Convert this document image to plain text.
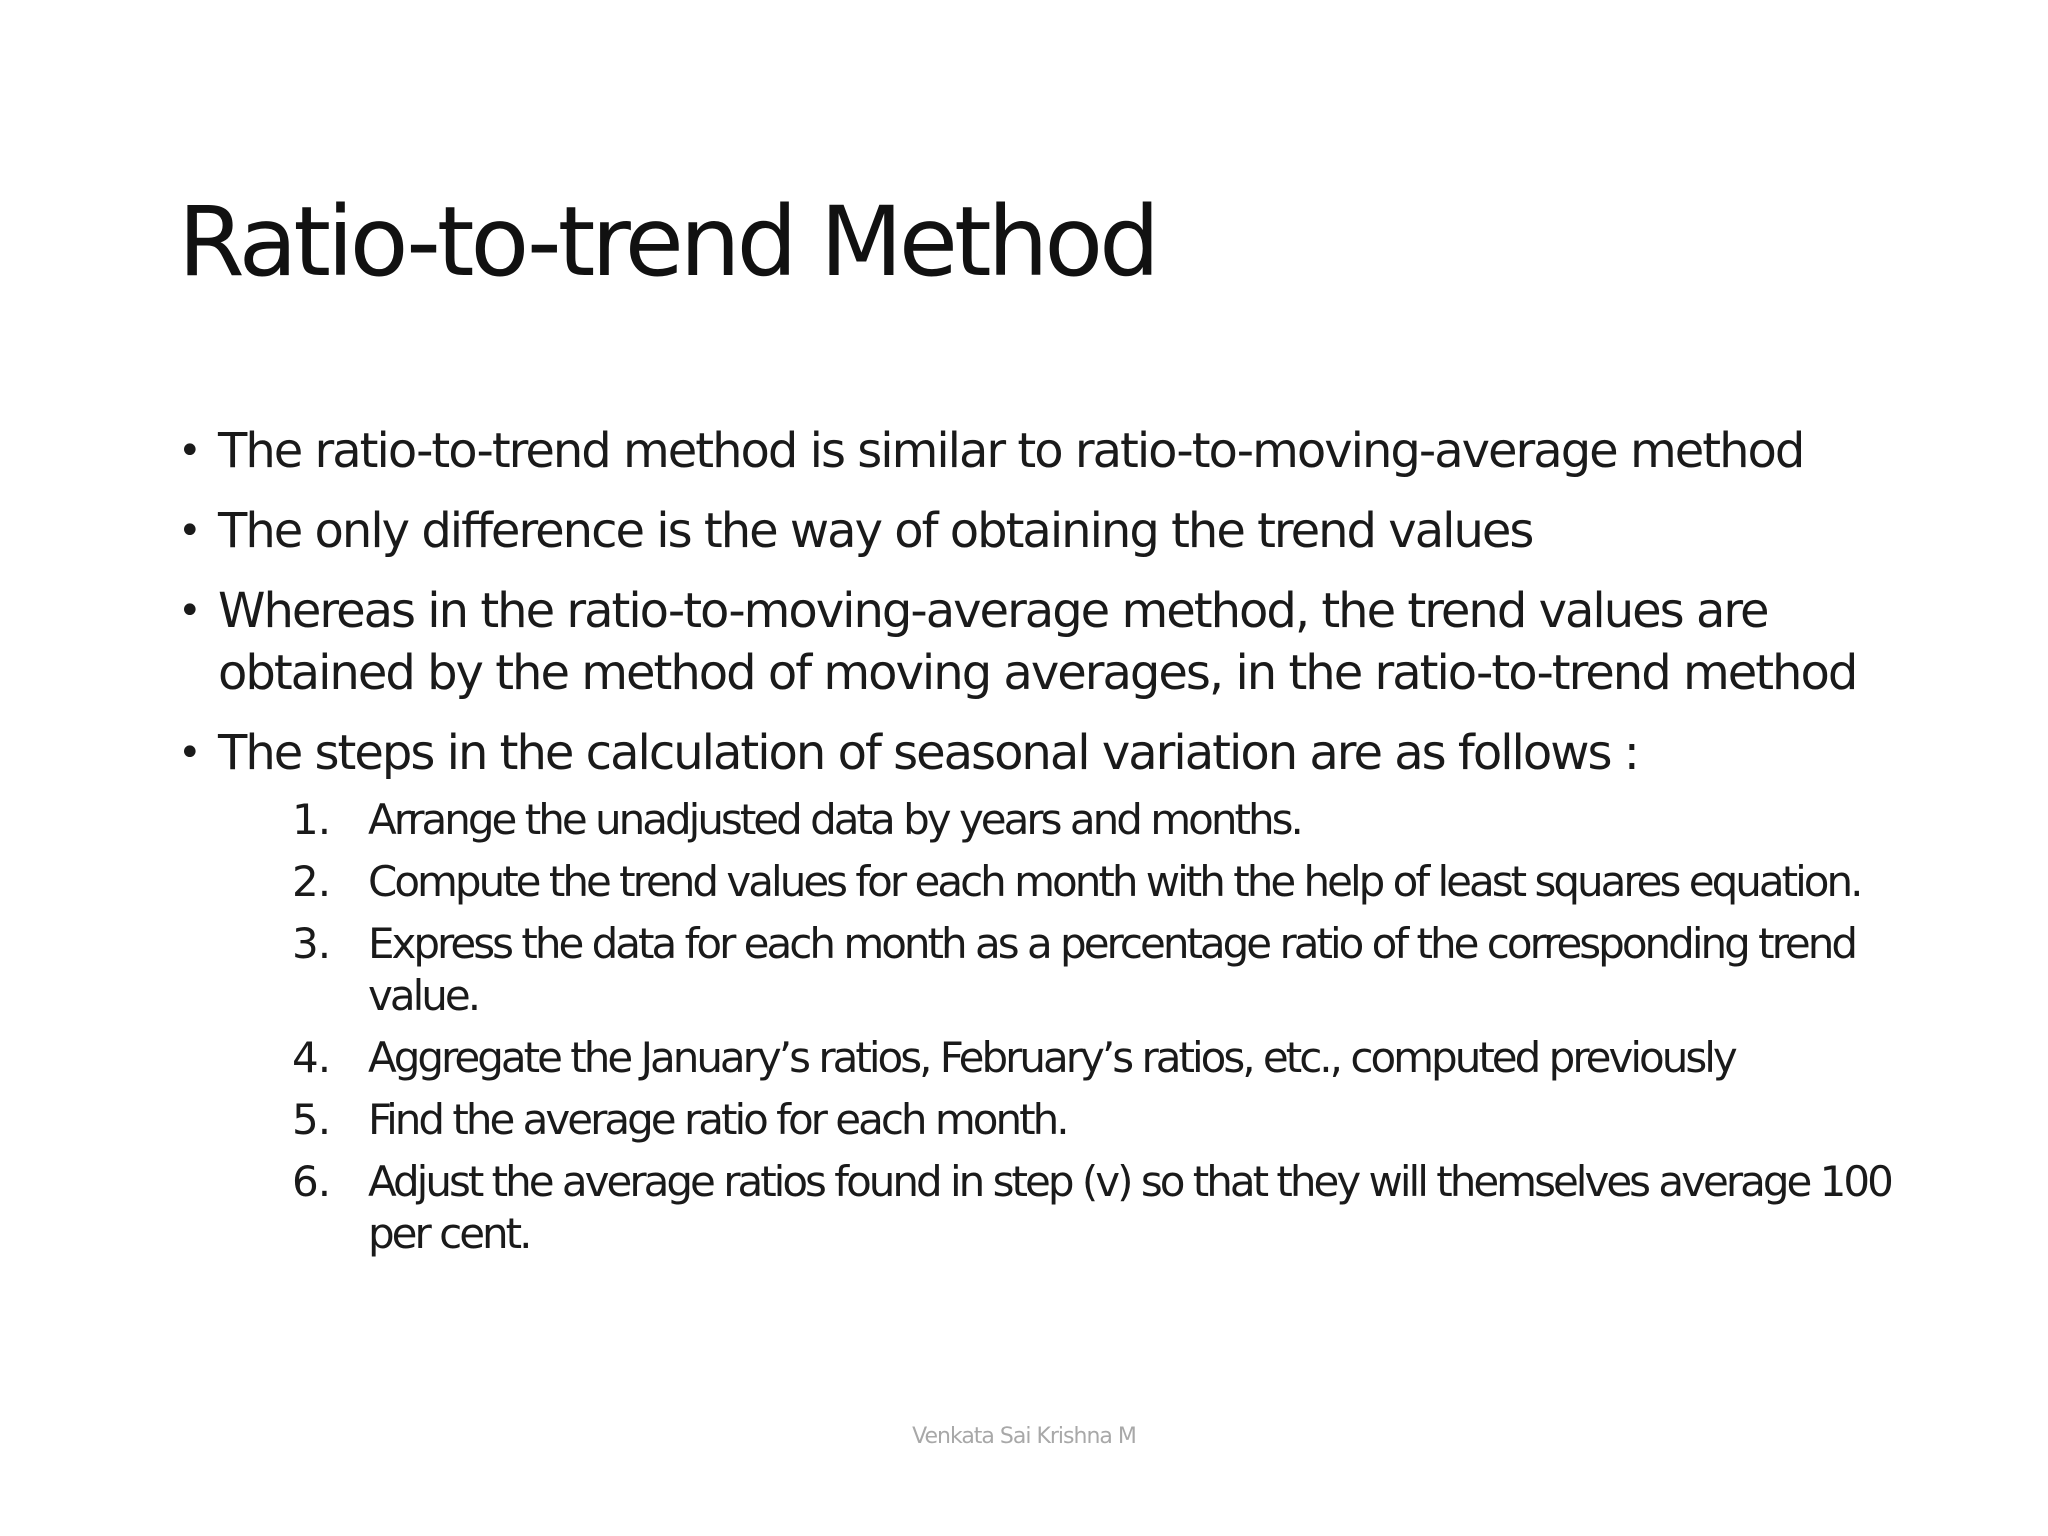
Ratio-to-trend Method
• The ratio-to-trend method is similar to ratio-to-moving-average method
• The only difference is the way of obtaining the trend values
• Whereas in the ratio-to-moving-average method, the trend values are
obtained by the method of moving averages, in the ratio-to-trend method
• The steps in the calculation of seasonal variation are as follows :
1. Arrange the unadjusted data by years and months.
2. Compute the trend values for each month with the help of least squares equation.
3. Express the data for each month as a percentage ratio of the corresponding trend value.
4. Aggregate the January’s ratios, February’s ratios, etc., computed previously
5. Find the average ratio for each month.
6. Adjust the average ratios found in step (v) so that they will themselves average 100 per cent.
Venkata Sai Krishna M
